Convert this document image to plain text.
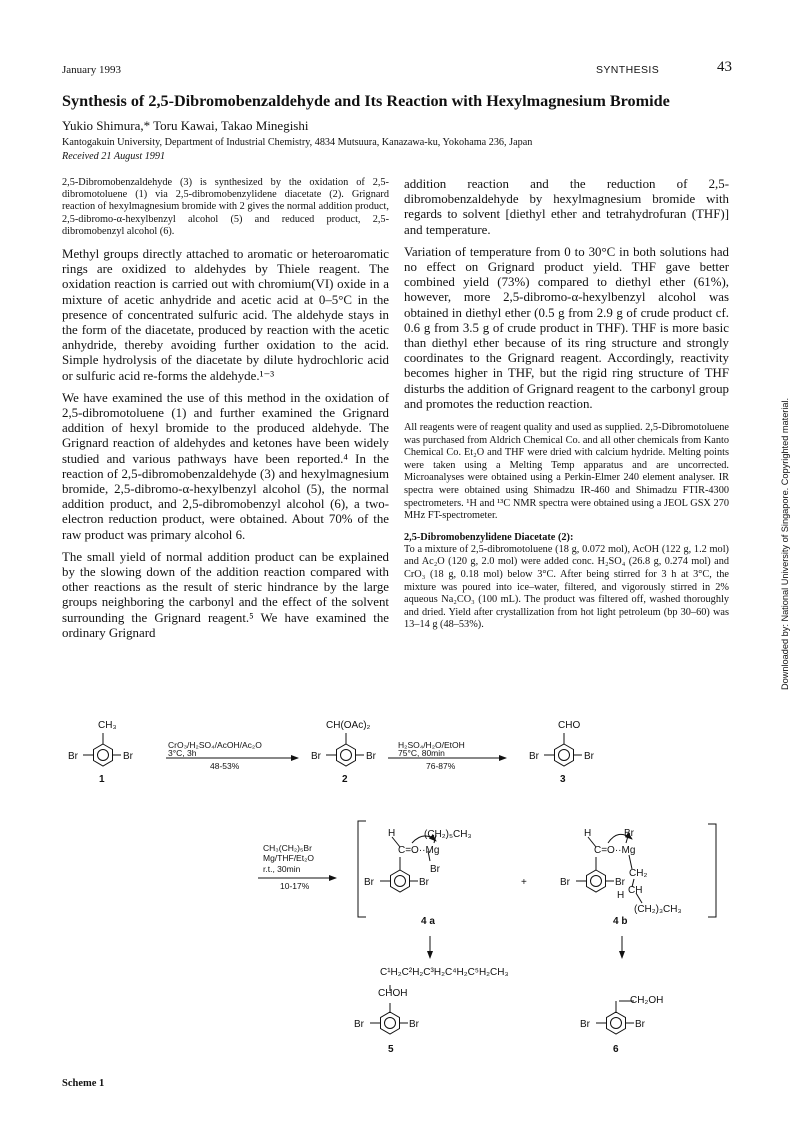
January 1993	SYNTHESIS	43
Synthesis of 2,5-Dibromobenzaldehyde and Its Reaction with Hexylmagnesium Bromide
Yukio Shimura,* Toru Kawai, Takao Minegishi
Kantogakuin University, Department of Industrial Chemistry, 4834 Mutsuura, Kanazawa-ku, Yokohama 236, Japan
Received 21 August 1991

2,5-Dibromobenzaldehyde (3) is synthesized by the oxidation of 2,5-dibromotoluene (1) via 2,5-dibromobenzylidene diacetate (2). Grignard reaction of hexylmagnesium bromide with 2 gives the normal addition product, 2,5-dibromo-α-hexylbenzyl alcohol (5) and reduced product, 2,5-dibromobenzyl alcohol (6).

Methyl groups directly attached to aromatic or heteroaromatic rings are oxidized to aldehydes by Thiele reagent. The oxidation reaction is carried out with chromium(VI) oxide in a mixture of acetic anhydride and acetic acid at 0–5°C in the presence of concentrated sulfuric acid. The aldehyde stays in the form of the diacetate, produced by reaction with the acetic anhydride, thereby avoiding further oxidation to the acid. Simple hydrolysis of the diacetate by dilute hydrochloric acid or sulfuric acid re-forms the aldehyde.¹⁻³

We have examined the use of this method in the oxidation of 2,5-dibromotoluene (1) and further examined the Grignard addition of hexyl bromide to the produced aldehyde. The Grignard reaction of aldehydes and ketones have been widely studied and various pathways have been reported.⁴ In the reaction of 2,5-dibromobenzaldehyde (3) and hexylmagnesium bromide, 2,5-dibromo-α-hexylbenzyl alcohol (5), the normal addition product, and 2,5-dibromobenzyl alcohol (6), a two-electron reduction product, were obtained. About 70% of the raw product was primary alcohol 6.

The small yield of normal addition product can be explained by the slowing down of the addition reaction compared with other reactions as the result of steric hindrance by the large groups neighboring the carbonyl and the effect of the solvent surrounding the Grignard reagent.⁵ We have examined the ordinary Grignard

addition reaction and the reduction of 2,5-dibromobenzaldehyde by hexylmagnesium bromide with regards to solvent [diethyl ether and tetrahydrofuran (THF)] and temperature.

Variation of temperature from 0 to 30°C in both solutions had no effect on Grignard product yield. THF gave better combined yield (73%) compared to diethyl ether (61%), however, more 2,5-dibromo-α-hexylbenzyl alcohol was obtained in diethyl ether (0.5 g from 2.9 g of crude product cf. 0.6 g from 3.5 g of crude product in THF). THF is more basic than diethyl ether because of its ring structure and strongly coordinates to the Grignard reagent. Accordingly, reactivity becomes higher in THF, but the rigid ring structure of THF disturbs the addition of Grignard reagent to the carbonyl group and promotes the reduction reaction.

All reagents were of reagent quality and used as supplied. 2,5-Dibromotoluene was purchased from Aldrich Chemical Co. and all other chemicals from Kanto Chemical Co. Et₂O and THF were dried with calcium hydride. Melting points were taken using a Melting Temp apparatus and are uncorrected. Microanalyses were obtained using a Perkin-Elmer 240 element analyser. IR spectra were obtained using Shimadzu IR-460 and Shimadzu FTIR-4300 spectrometers. ¹H and ¹³C NMR spectra were obtained using a JEOL GSX 270 MHz FT-spectrometer.

2,5-Dibromobenzylidene Diacetate (2):

To a mixture of 2,5-dibromotoluene (18 g, 0.072 mol), AcOH (122 g, 1.2 mol) and Ac₂O (120 g, 2.0 mol) were added conc. H₂SO₄ (26.8 g, 0.274 mol) and CrO₃ (18 g, 0.18 mol) below 3°C. After being stirred for 3 h at 3°C, the mixture was poured into ice–water, filtered, and vigorously stirred in 2% aqueous Na₂CO₃ (100 mL). The product was filtered off, washed thoroughly and dried. Yield after crystallization from hot light petroleum (bp 30–60) was 13–14 g (48–53%).	Downloaded by: National University of Singapore. Copyrighted material.
CH₃
Br	Br
1
CrO₃/H₂SO₄/AcOH/Ac₂O
3°C, 3h
48-53%
CH(OAc)₂
Br	Br
2
H₂SO₄/H₂O/EtOH
75°C, 80min
76-87%
CHO
Br	Br
3
CH₃(CH₂)₅Br
Mg/THF/Et₂O
r.t., 30min
10-17%
H	(CH₂)₅CH₃
C=O··Mg
Br
Br	Br
4 a
+
H	Br
C=O··Mg
CH₂
CH
H
(CH₂)₃CH₃
Br	Br
4 b
C¹H₂C²H₂C³H₂C⁴H₂C⁵H₂CH₃
CHOH
Br	Br
5
CH₂OH
Br	Br
6
Scheme 1
